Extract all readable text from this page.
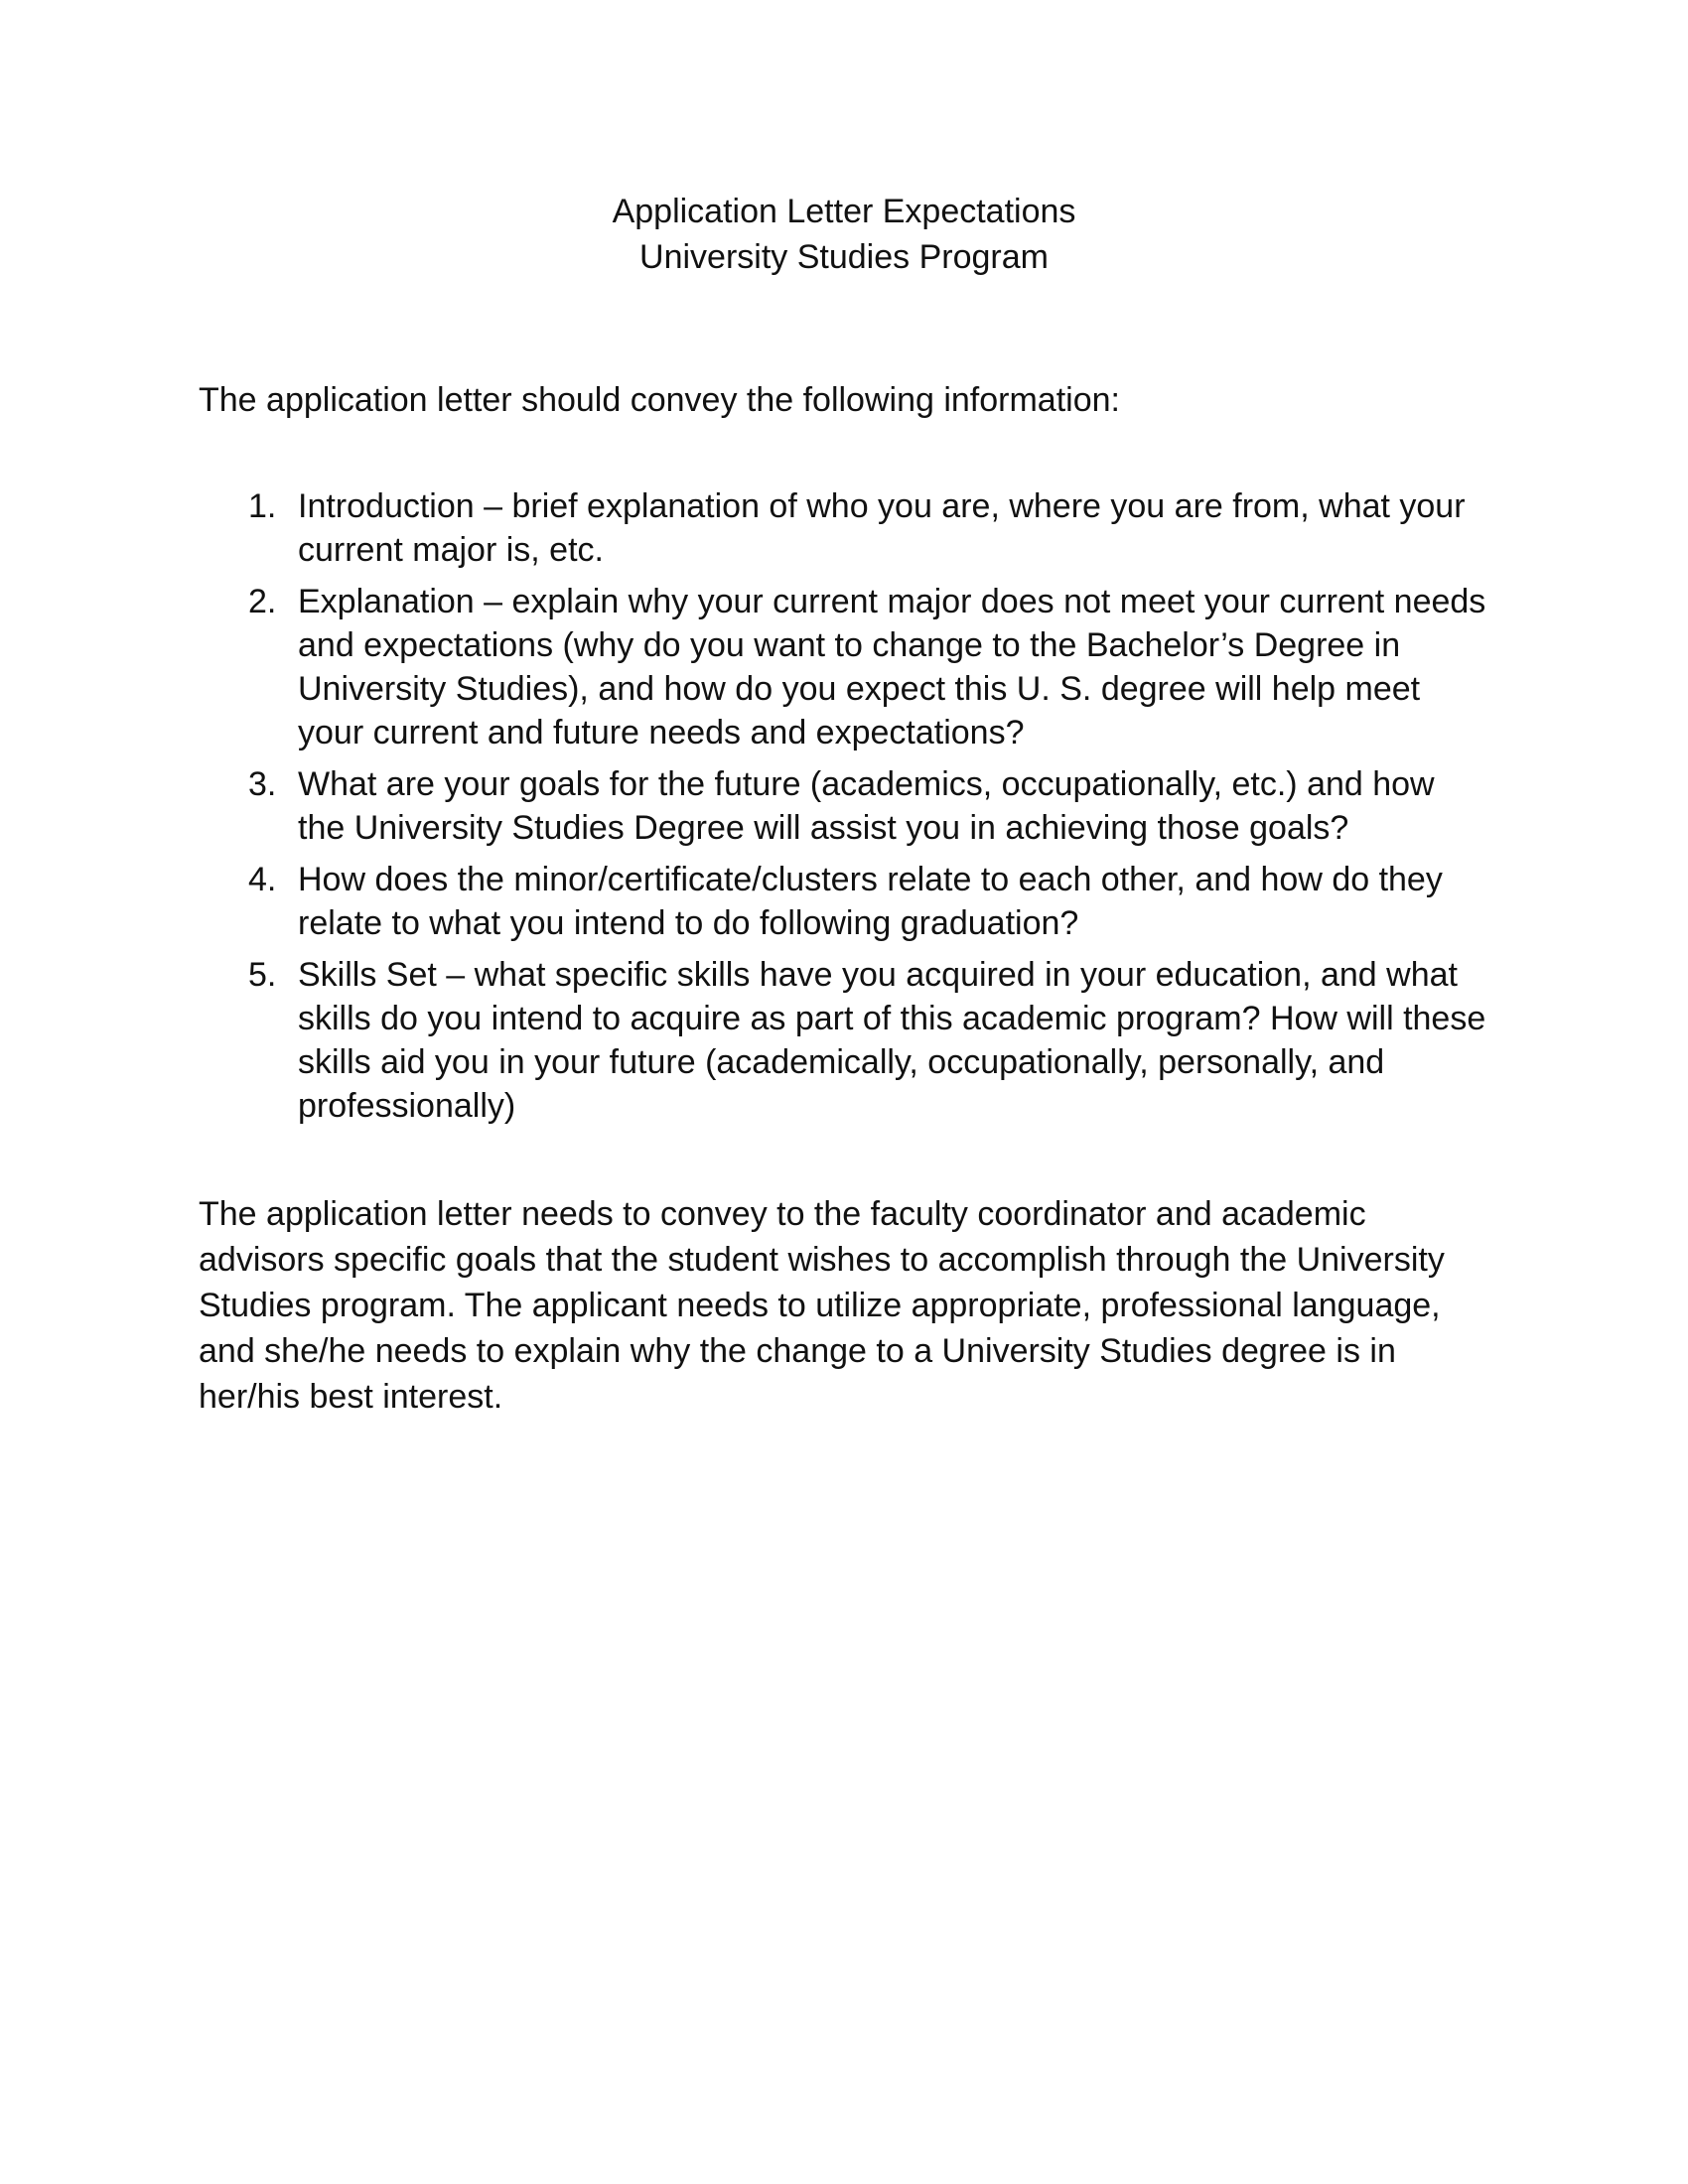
Application Letter Expectations
University Studies Program

The application letter should convey the following information:

1. Introduction – brief explanation of who you are, where you are from, what your current major is, etc.
2. Explanation – explain why your current major does not meet your current needs and expectations (why do you want to change to the Bachelor’s Degree in University Studies), and how do you expect this U. S. degree will help meet your current and future needs and expectations?
3. What are your goals for the future (academics, occupationally, etc.) and how the University Studies Degree will assist you in achieving those goals?
4. How does the minor/certificate/clusters relate to each other, and how do they relate to what you intend to do following graduation?
5. Skills Set – what specific skills have you acquired in your education, and what skills do you intend to acquire as part of this academic program? How will these skills aid you in your future (academically, occupationally, personally, and professionally)

The application letter needs to convey to the faculty coordinator and academic advisors specific goals that the student wishes to accomplish through the University Studies program. The applicant needs to utilize appropriate, professional language, and she/he needs to explain why the change to a University Studies degree is in her/his best interest.
